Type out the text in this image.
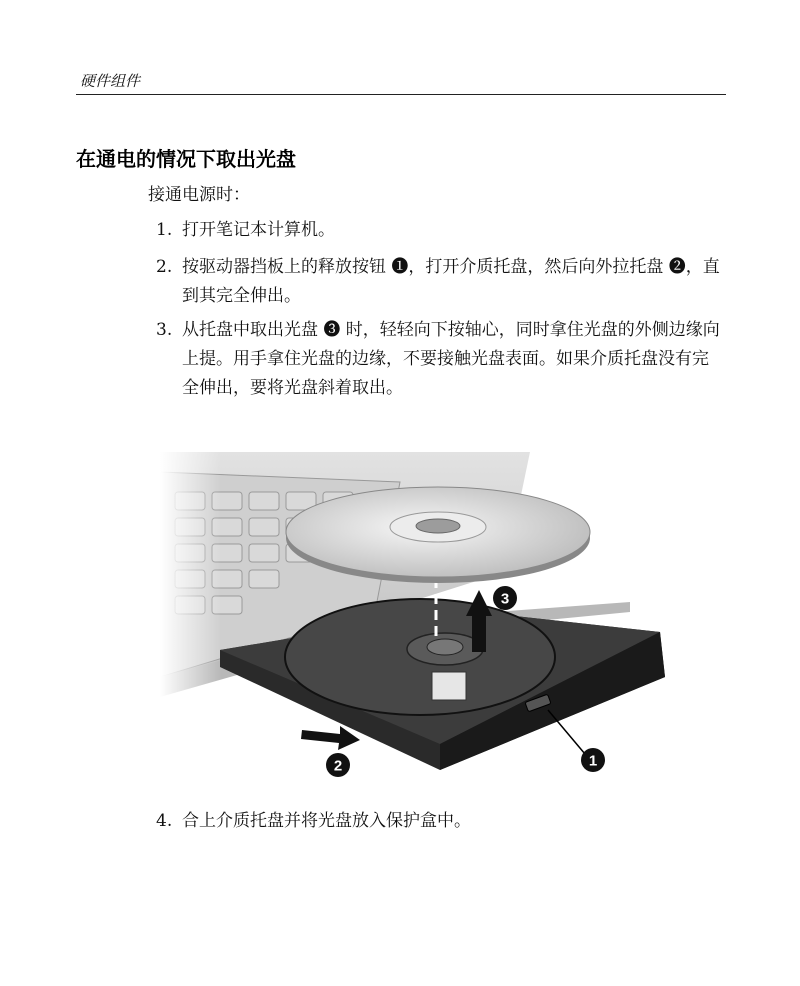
硬件组件
在通电的情况下取出光盘
接通电源时：
1. 打开笔记本计算机。
2. 按驱动器挡板上的释放按钮 ❶，打开介质托盘，然后向外拉托盘 ❷，直到其完全伸出。
3. 从托盘中取出光盘 ❸ 时，轻轻向下按轴心，同时拿住光盘的外侧边缘向上提。用手拿住光盘的边缘，不要接触光盘表面。如果介质托盘没有完全伸出，要将光盘斜着取出。
4. 合上介质托盘并将光盘放入保护盒中。
3
2	1
